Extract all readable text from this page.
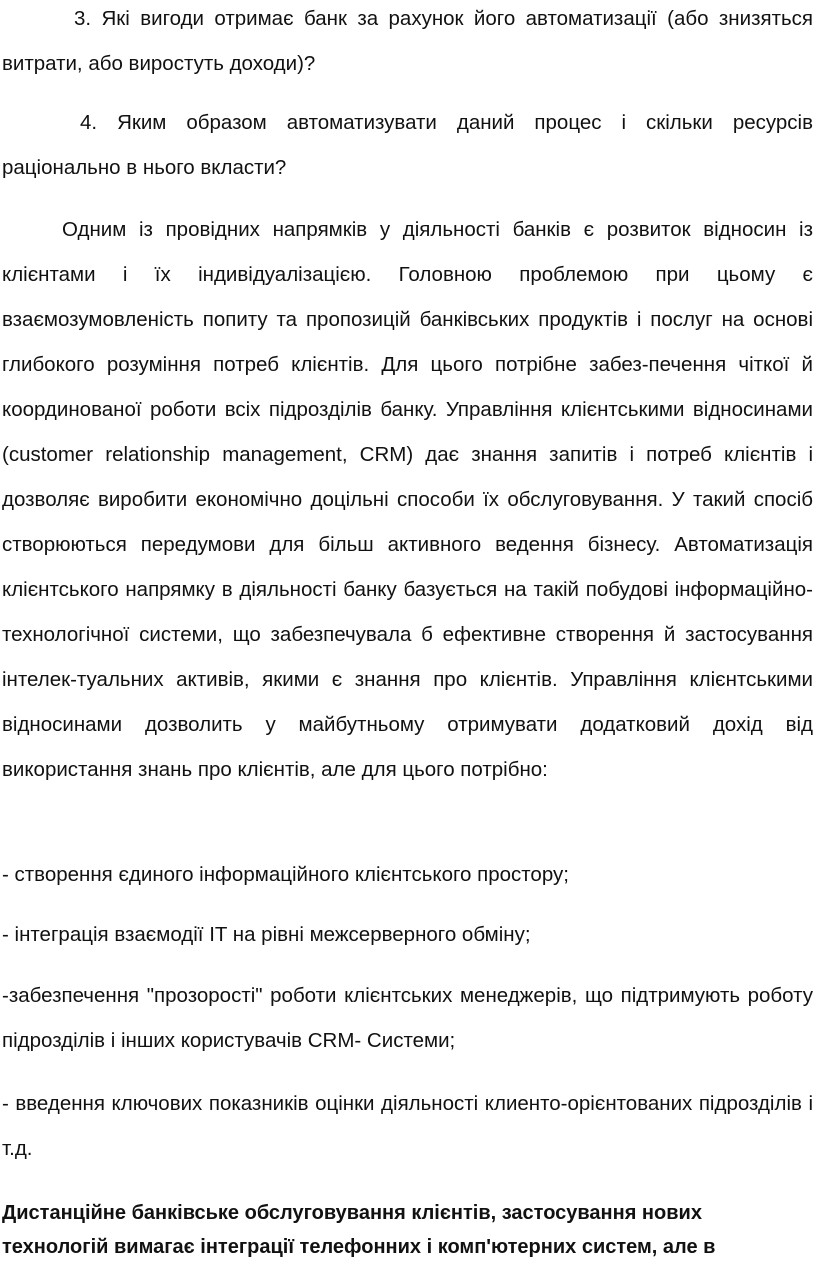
3. Які вигоди отримає банк за рахунок його автоматизації (або знизяться витрати, або виростуть доходи)?

4. Яким образом автоматизувати даний процес і скільки ресурсів раціонально в нього вкласти?

Одним із провідних напрямків у діяльності банків є розвиток відносин із клієнтами і їх індивідуалізацією. Головною проблемою при цьому є взаємозумовленість попиту та пропозицій банківських продуктів і послуг на основі глибокого розуміння потреб клієнтів. Для цього потрібне забез-печення чіткої й координованої роботи всіх підрозділів банку. Управління клієнтськими відносинами (customer relationship management, CRM) дає знання запитів і потреб клієнтів і дозволяє виробити економічно доцільні способи їх обслуговування. У такий спосіб створюються передумови для більш активного ведення бізнесу. Автоматизація клієнтського напрямку в діяльності банку базується на такій побудові інформаційно-технологічної системи, що забезпечувала б ефективне створення й застосування інтелек-туальних активів, якими є знання про клієнтів. Управління клієнтськими відносинами дозволить у майбутньому отримувати додатковий дохід від використання знань про клієнтів, але для цього потрібно:

- створення єдиного інформаційного клієнтського простору;

- інтеграція взаємодії IT на рівні межсерверного обміну;

-забезпечення "прозорості" роботи клієнтських менеджерів, що підтримують роботу підрозділів і інших користувачів CRM- Системи;

- введення ключових показників оцінки діяльності клиенто-орієнтованих підрозділів і т.д.

Дистанційне банківське обслуговування клієнтів, застосування нових технологій вимагає інтеграції телефонних і комп'ютерних систем, але в
